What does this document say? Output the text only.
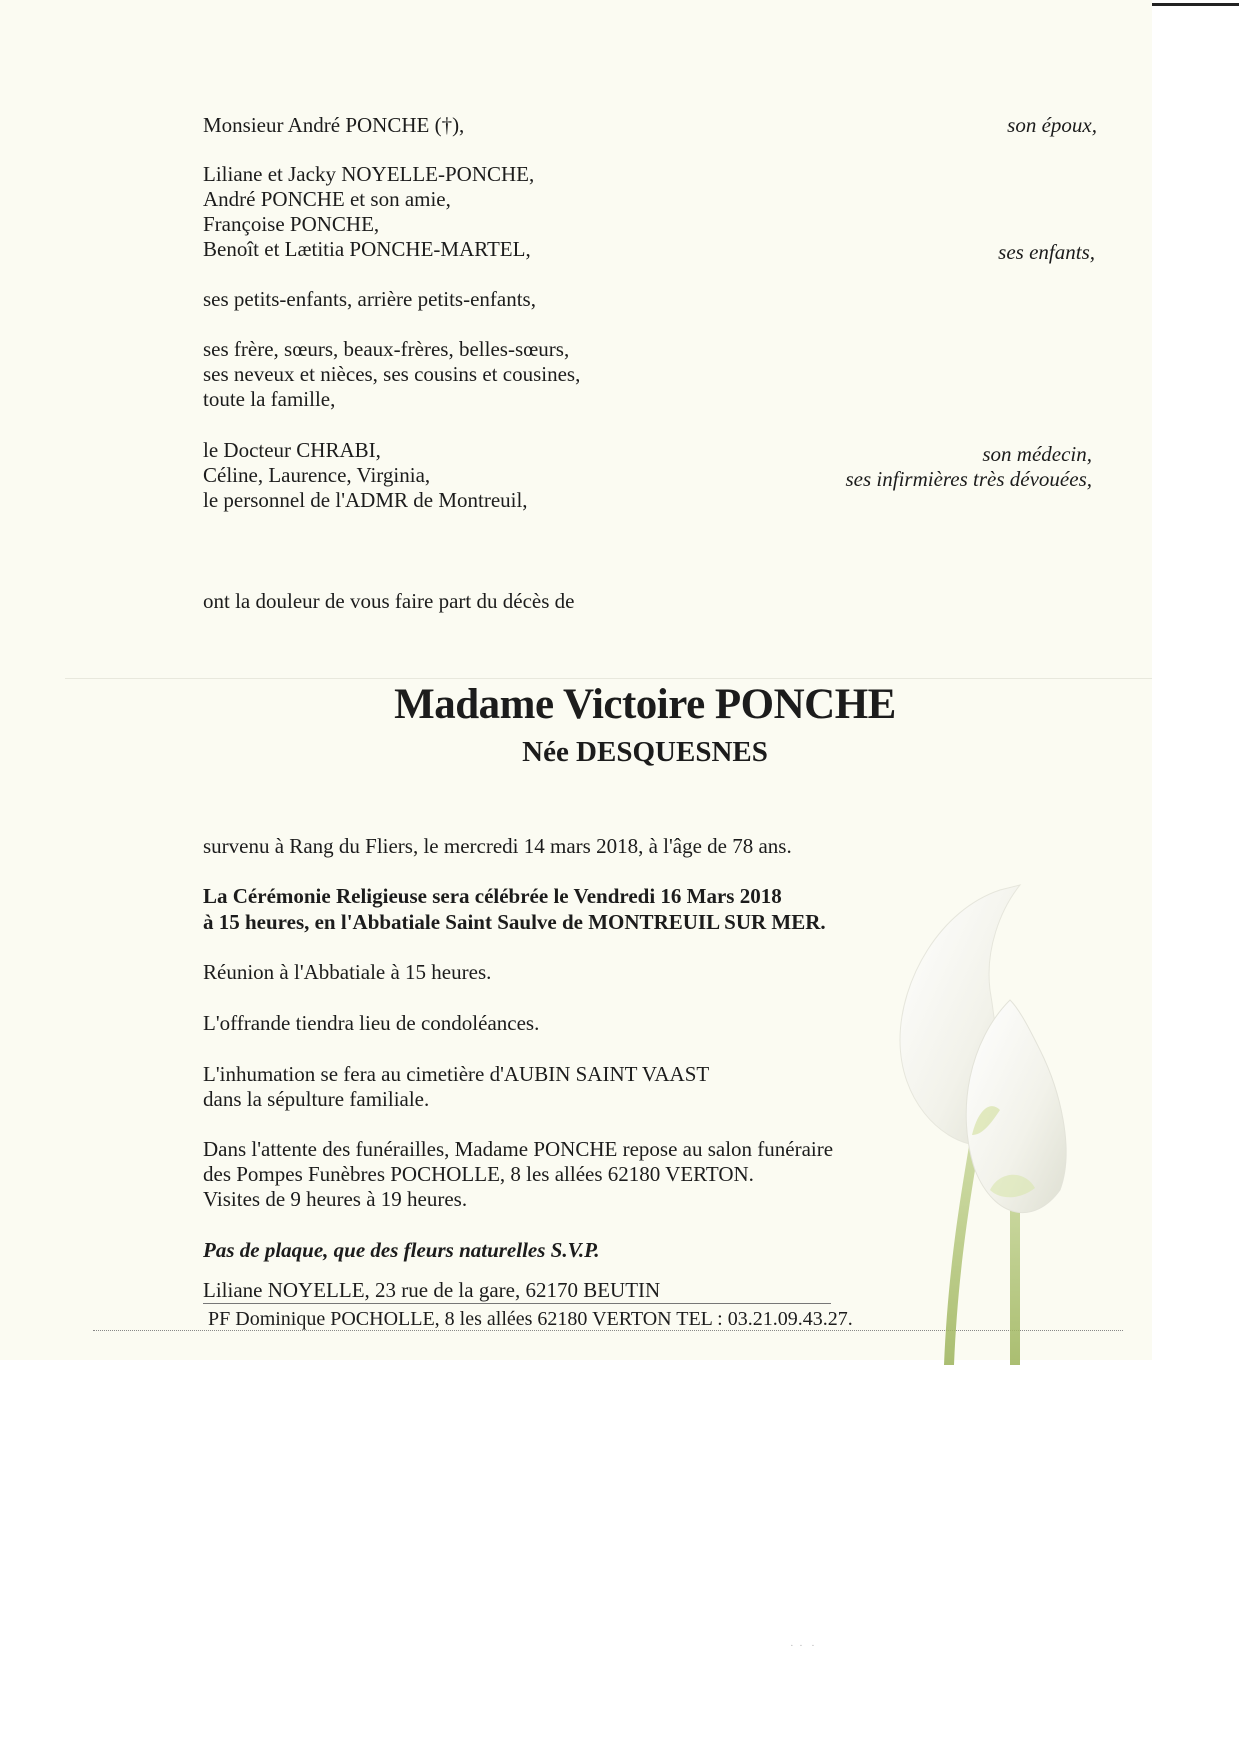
Monsieur André PONCHE (†),	son époux,
Liliane et Jacky NOYELLE-PONCHE,
André PONCHE et son amie,
Françoise PONCHE,
Benoît et Lætitia PONCHE-MARTEL,	ses enfants,
ses petits-enfants, arrière petits-enfants,
ses frère, sœurs, beaux-frères, belles-sœurs,
ses neveux et nièces, ses cousins et cousines,
toute la famille,
le Docteur CHRABI,
Céline, Laurence, Virginia,
le personnel de l'ADMR de Montreuil,
son médecin,
ses infirmières très dévouées,
ont la douleur de vous faire part du décès de
Madame Victoire PONCHE
Née DESQUESNES
survenu à Rang du Fliers, le mercredi 14 mars 2018, à l'âge de 78 ans.
La Cérémonie Religieuse sera célébrée le Vendredi 16 Mars 2018
à 15 heures, en l'Abbatiale Saint Saulve de MONTREUIL SUR MER.
Réunion à l'Abbatiale à 15 heures.
L'offrande tiendra lieu de condoléances.
L'inhumation se fera au cimetière d'AUBIN SAINT VAAST
dans la sépulture familiale.
Dans l'attente des funérailles, Madame PONCHE repose au salon funéraire
des Pompes Funèbres POCHOLLE, 8 les allées 62180 VERTON.
Visites de 9 heures à 19 heures.
Pas de plaque, que des fleurs naturelles S.V.P.
Liliane NOYELLE, 23 rue de la gare, 62170 BEUTIN
PF Dominique POCHOLLE, 8 les allées 62180 VERTON TEL : 03.21.09.43.27.
·  ·   ·
